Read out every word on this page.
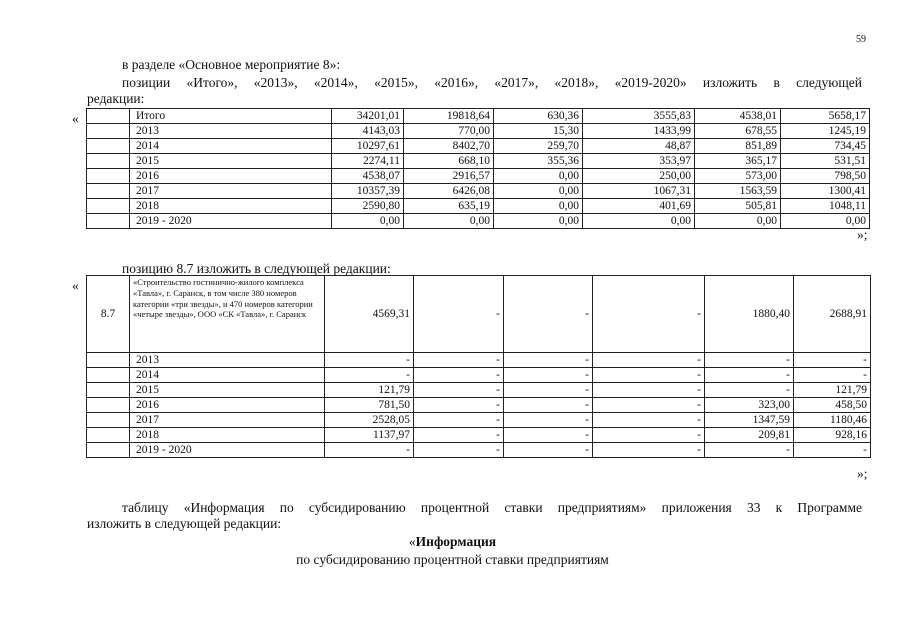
59
в разделе «Основное мероприятие 8»:
позиции «Итого», «2013», «2014», «2015», «2016», «2017», «2018», «2019-2020» изложить в следующей
редакции:
«
		Итого	34201,01	19818,64	630,36	3555,83	4538,01	5658,17
	2013	4143,03	770,00	15,30	1433,99	678,55	1245,19
	2014	10297,61	8402,70	259,70	48,87	851,89	734,45
	2015	2274,11	668,10	355,36	353,97	365,17	531,51
	2016	4538,07	2916,57	0,00	250,00	573,00	798,50
	2017	10357,39	6426,08	0,00	1067,31	1563,59	1300,41
	2018	2590,80	635,19	0,00	401,69	505,81	1048,11
	2019 - 2020	0,00	0,00	0,00	0,00	0,00	0,00
»;
позицию 8.7 изложить в следующей редакции:
«
8.7	«Строительство гостинично-жилого комплекса «Тавла», г. Саранск, в том числе 380 номеров категории «три звезды», и 470 номеров категории «четыре звезды», ООО «СК «Тавла», г. Саранск	4569,31	-	-	-	1880,40	2688,91
	2013	-	-	-	-	-	-
	2014	-	-	-	-	-	-
	2015	121,79	-	-	-	-	121,79
	2016	781,50	-	-	-	323,00	458,50
	2017	2528,05	-	-	-	1347,59	1180,46
	2018	1137,97	-	-	-	209,81	928,16
	2019 - 2020	-	-	-	-	-	-
»;
таблицу «Информация по субсидированию процентной ставки предприятиям» приложения 33 к Программе
изложить в следующей редакции:
«Информация
по субсидированию процентной ставки предприятиям
